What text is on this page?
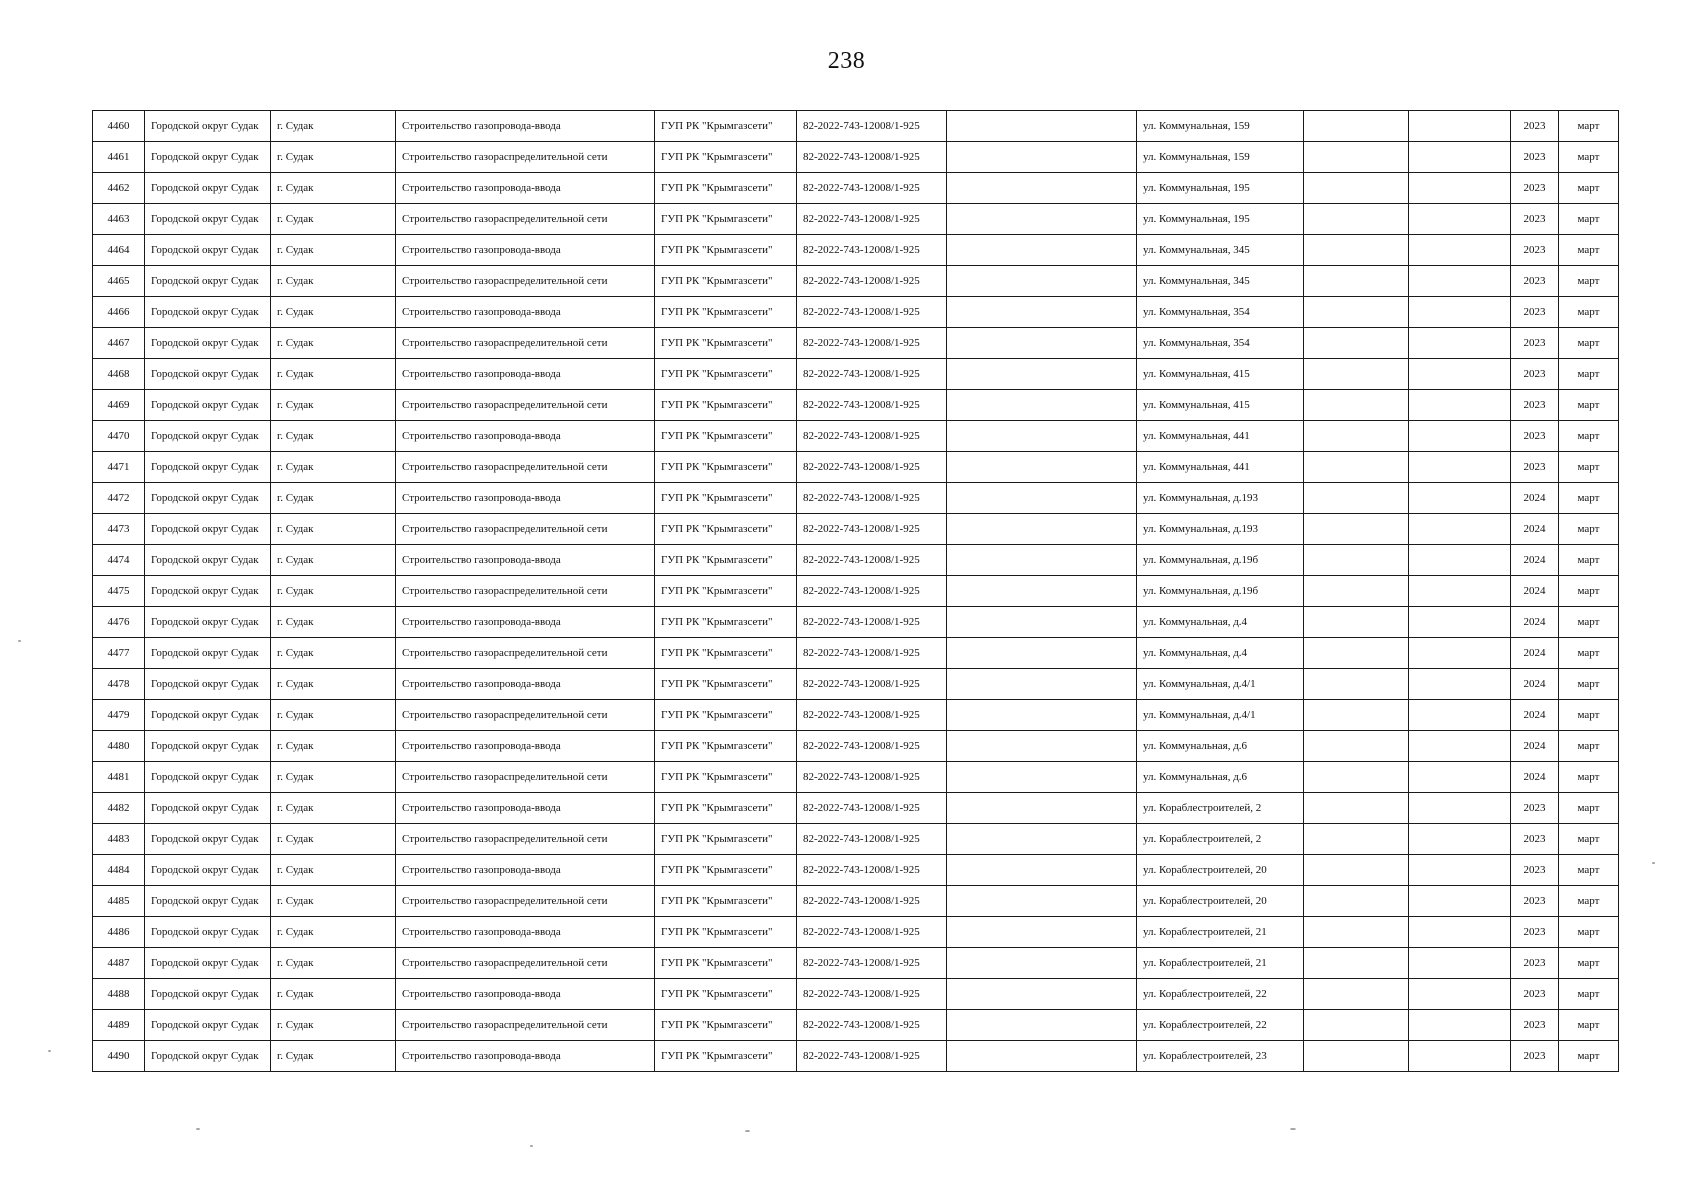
238
4460	Городской округ Судак	г. Судак	Строительство газопровода-ввода	ГУП РК "Крымгазсети"	82-2022-743-12008/1-925		ул. Коммунальная, 159			2023	март
4461	Городской округ Судак	г. Судак	Строительство газораспределительной сети	ГУП РК "Крымгазсети"	82-2022-743-12008/1-925		ул. Коммунальная, 159			2023	март
4462	Городской округ Судак	г. Судак	Строительство газопровода-ввода	ГУП РК "Крымгазсети"	82-2022-743-12008/1-925		ул. Коммунальная, 195			2023	март
4463	Городской округ Судак	г. Судак	Строительство газораспределительной сети	ГУП РК "Крымгазсети"	82-2022-743-12008/1-925		ул. Коммунальная, 195			2023	март
4464	Городской округ Судак	г. Судак	Строительство газопровода-ввода	ГУП РК "Крымгазсети"	82-2022-743-12008/1-925		ул. Коммунальная, 345			2023	март
4465	Городской округ Судак	г. Судак	Строительство газораспределительной сети	ГУП РК "Крымгазсети"	82-2022-743-12008/1-925		ул. Коммунальная, 345			2023	март
4466	Городской округ Судак	г. Судак	Строительство газопровода-ввода	ГУП РК "Крымгазсети"	82-2022-743-12008/1-925		ул. Коммунальная, 354			2023	март
4467	Городской округ Судак	г. Судак	Строительство газораспределительной сети	ГУП РК "Крымгазсети"	82-2022-743-12008/1-925		ул. Коммунальная, 354			2023	март
4468	Городской округ Судак	г. Судак	Строительство газопровода-ввода	ГУП РК "Крымгазсети"	82-2022-743-12008/1-925		ул. Коммунальная, 415			2023	март
4469	Городской округ Судак	г. Судак	Строительство газораспределительной сети	ГУП РК "Крымгазсети"	82-2022-743-12008/1-925		ул. Коммунальная, 415			2023	март
4470	Городской округ Судак	г. Судак	Строительство газопровода-ввода	ГУП РК "Крымгазсети"	82-2022-743-12008/1-925		ул. Коммунальная, 441			2023	март
4471	Городской округ Судак	г. Судак	Строительство газораспределительной сети	ГУП РК "Крымгазсети"	82-2022-743-12008/1-925		ул. Коммунальная, 441			2023	март
4472	Городской округ Судак	г. Судак	Строительство газопровода-ввода	ГУП РК "Крымгазсети"	82-2022-743-12008/1-925		ул. Коммунальная, д.193			2024	март
4473	Городской округ Судак	г. Судак	Строительство газораспределительной сети	ГУП РК "Крымгазсети"	82-2022-743-12008/1-925		ул. Коммунальная, д.193			2024	март
4474	Городской округ Судак	г. Судак	Строительство газопровода-ввода	ГУП РК "Крымгазсети"	82-2022-743-12008/1-925		ул. Коммунальная, д.19б			2024	март
4475	Городской округ Судак	г. Судак	Строительство газораспределительной сети	ГУП РК "Крымгазсети"	82-2022-743-12008/1-925		ул. Коммунальная, д.19б			2024	март
4476	Городской округ Судак	г. Судак	Строительство газопровода-ввода	ГУП РК "Крымгазсети"	82-2022-743-12008/1-925		ул. Коммунальная, д.4			2024	март
4477	Городской округ Судак	г. Судак	Строительство газораспределительной сети	ГУП РК "Крымгазсети"	82-2022-743-12008/1-925		ул. Коммунальная, д.4			2024	март
4478	Городской округ Судак	г. Судак	Строительство газопровода-ввода	ГУП РК "Крымгазсети"	82-2022-743-12008/1-925		ул. Коммунальная, д.4/1			2024	март
4479	Городской округ Судак	г. Судак	Строительство газораспределительной сети	ГУП РК "Крымгазсети"	82-2022-743-12008/1-925		ул. Коммунальная, д.4/1			2024	март
4480	Городской округ Судак	г. Судак	Строительство газопровода-ввода	ГУП РК "Крымгазсети"	82-2022-743-12008/1-925		ул. Коммунальная, д.6			2024	март
4481	Городской округ Судак	г. Судак	Строительство газораспределительной сети	ГУП РК "Крымгазсети"	82-2022-743-12008/1-925		ул. Коммунальная, д.6			2024	март
4482	Городской округ Судак	г. Судак	Строительство газопровода-ввода	ГУП РК "Крымгазсети"	82-2022-743-12008/1-925		ул. Кораблестроителей, 2			2023	март
4483	Городской округ Судак	г. Судак	Строительство газораспределительной сети	ГУП РК "Крымгазсети"	82-2022-743-12008/1-925		ул. Кораблестроителей, 2			2023	март
4484	Городской округ Судак	г. Судак	Строительство газопровода-ввода	ГУП РК "Крымгазсети"	82-2022-743-12008/1-925		ул. Кораблестроителей, 20			2023	март
4485	Городской округ Судак	г. Судак	Строительство газораспределительной сети	ГУП РК "Крымгазсети"	82-2022-743-12008/1-925		ул. Кораблестроителей, 20			2023	март
4486	Городской округ Судак	г. Судак	Строительство газопровода-ввода	ГУП РК "Крымгазсети"	82-2022-743-12008/1-925		ул. Кораблестроителей, 21			2023	март
4487	Городской округ Судак	г. Судак	Строительство газораспределительной сети	ГУП РК "Крымгазсети"	82-2022-743-12008/1-925		ул. Кораблестроителей, 21			2023	март
4488	Городской округ Судак	г. Судак	Строительство газопровода-ввода	ГУП РК "Крымгазсети"	82-2022-743-12008/1-925		ул. Кораблестроителей, 22			2023	март
4489	Городской округ Судак	г. Судак	Строительство газораспределительной сети	ГУП РК "Крымгазсети"	82-2022-743-12008/1-925		ул. Кораблестроителей, 22			2023	март
4490	Городской округ Судак	г. Судак	Строительство газопровода-ввода	ГУП РК "Крымгазсети"	82-2022-743-12008/1-925		ул. Кораблестроителей, 23			2023	март
